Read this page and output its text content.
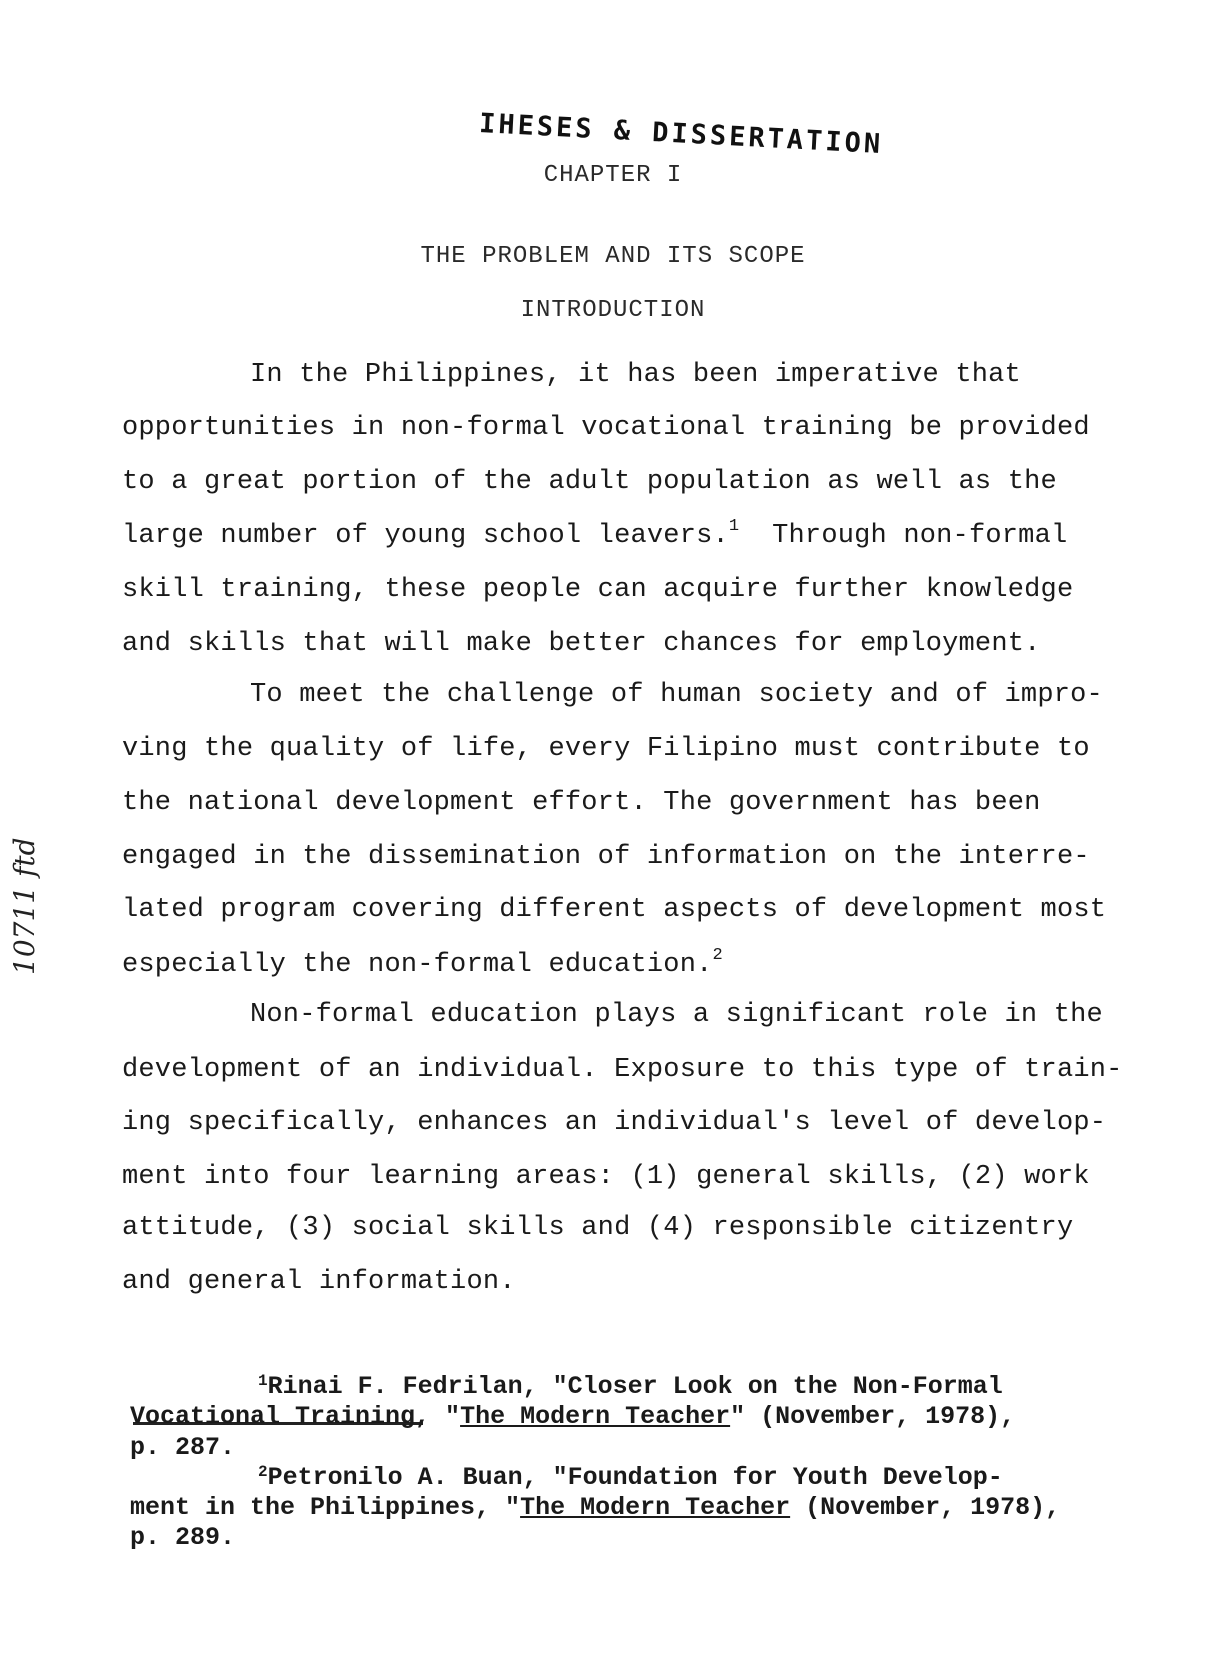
IHESES & DISSERTATION
CHAPTER I
THE PROBLEM AND ITS SCOPE
INTRODUCTION
In the Philippines, it has been imperative that
opportunities in non-formal vocational training be provided
to a great portion of the adult population as well as the
large number of young school leavers.$^1$ Through non-formal
skill training, these people can acquire further knowledge
and skills that will make better chances for employment.
To meet the challenge of human society and of impro-
ving the quality of life, every Filipino must contribute to
the national development effort. The government has been
engaged in the dissemination of information on the interre-
lated program covering different aspects of development most
especially the non-formal education.$^2$
Non-formal education plays a significant role in the
development of an individual. Exposure to this type of train-
ing specifically, enhances an individual's level of develop-
ment into four learning areas: (1) general skills, (2) work
attitude, (3) social skills and (4) responsible citizentry
and general information.
$^1$Rinai F. Fedrilan, "Closer Look on the Non-Formal
Vocational Training, "The Modern Teacher" (November, 1978),
p. 287.
$^2$Petronilo A. Buan, "Foundation for Youth Develop-
ment in the Philippines, "The Modern Teacher (November, 1978),
p. 289.
10711 ftd
